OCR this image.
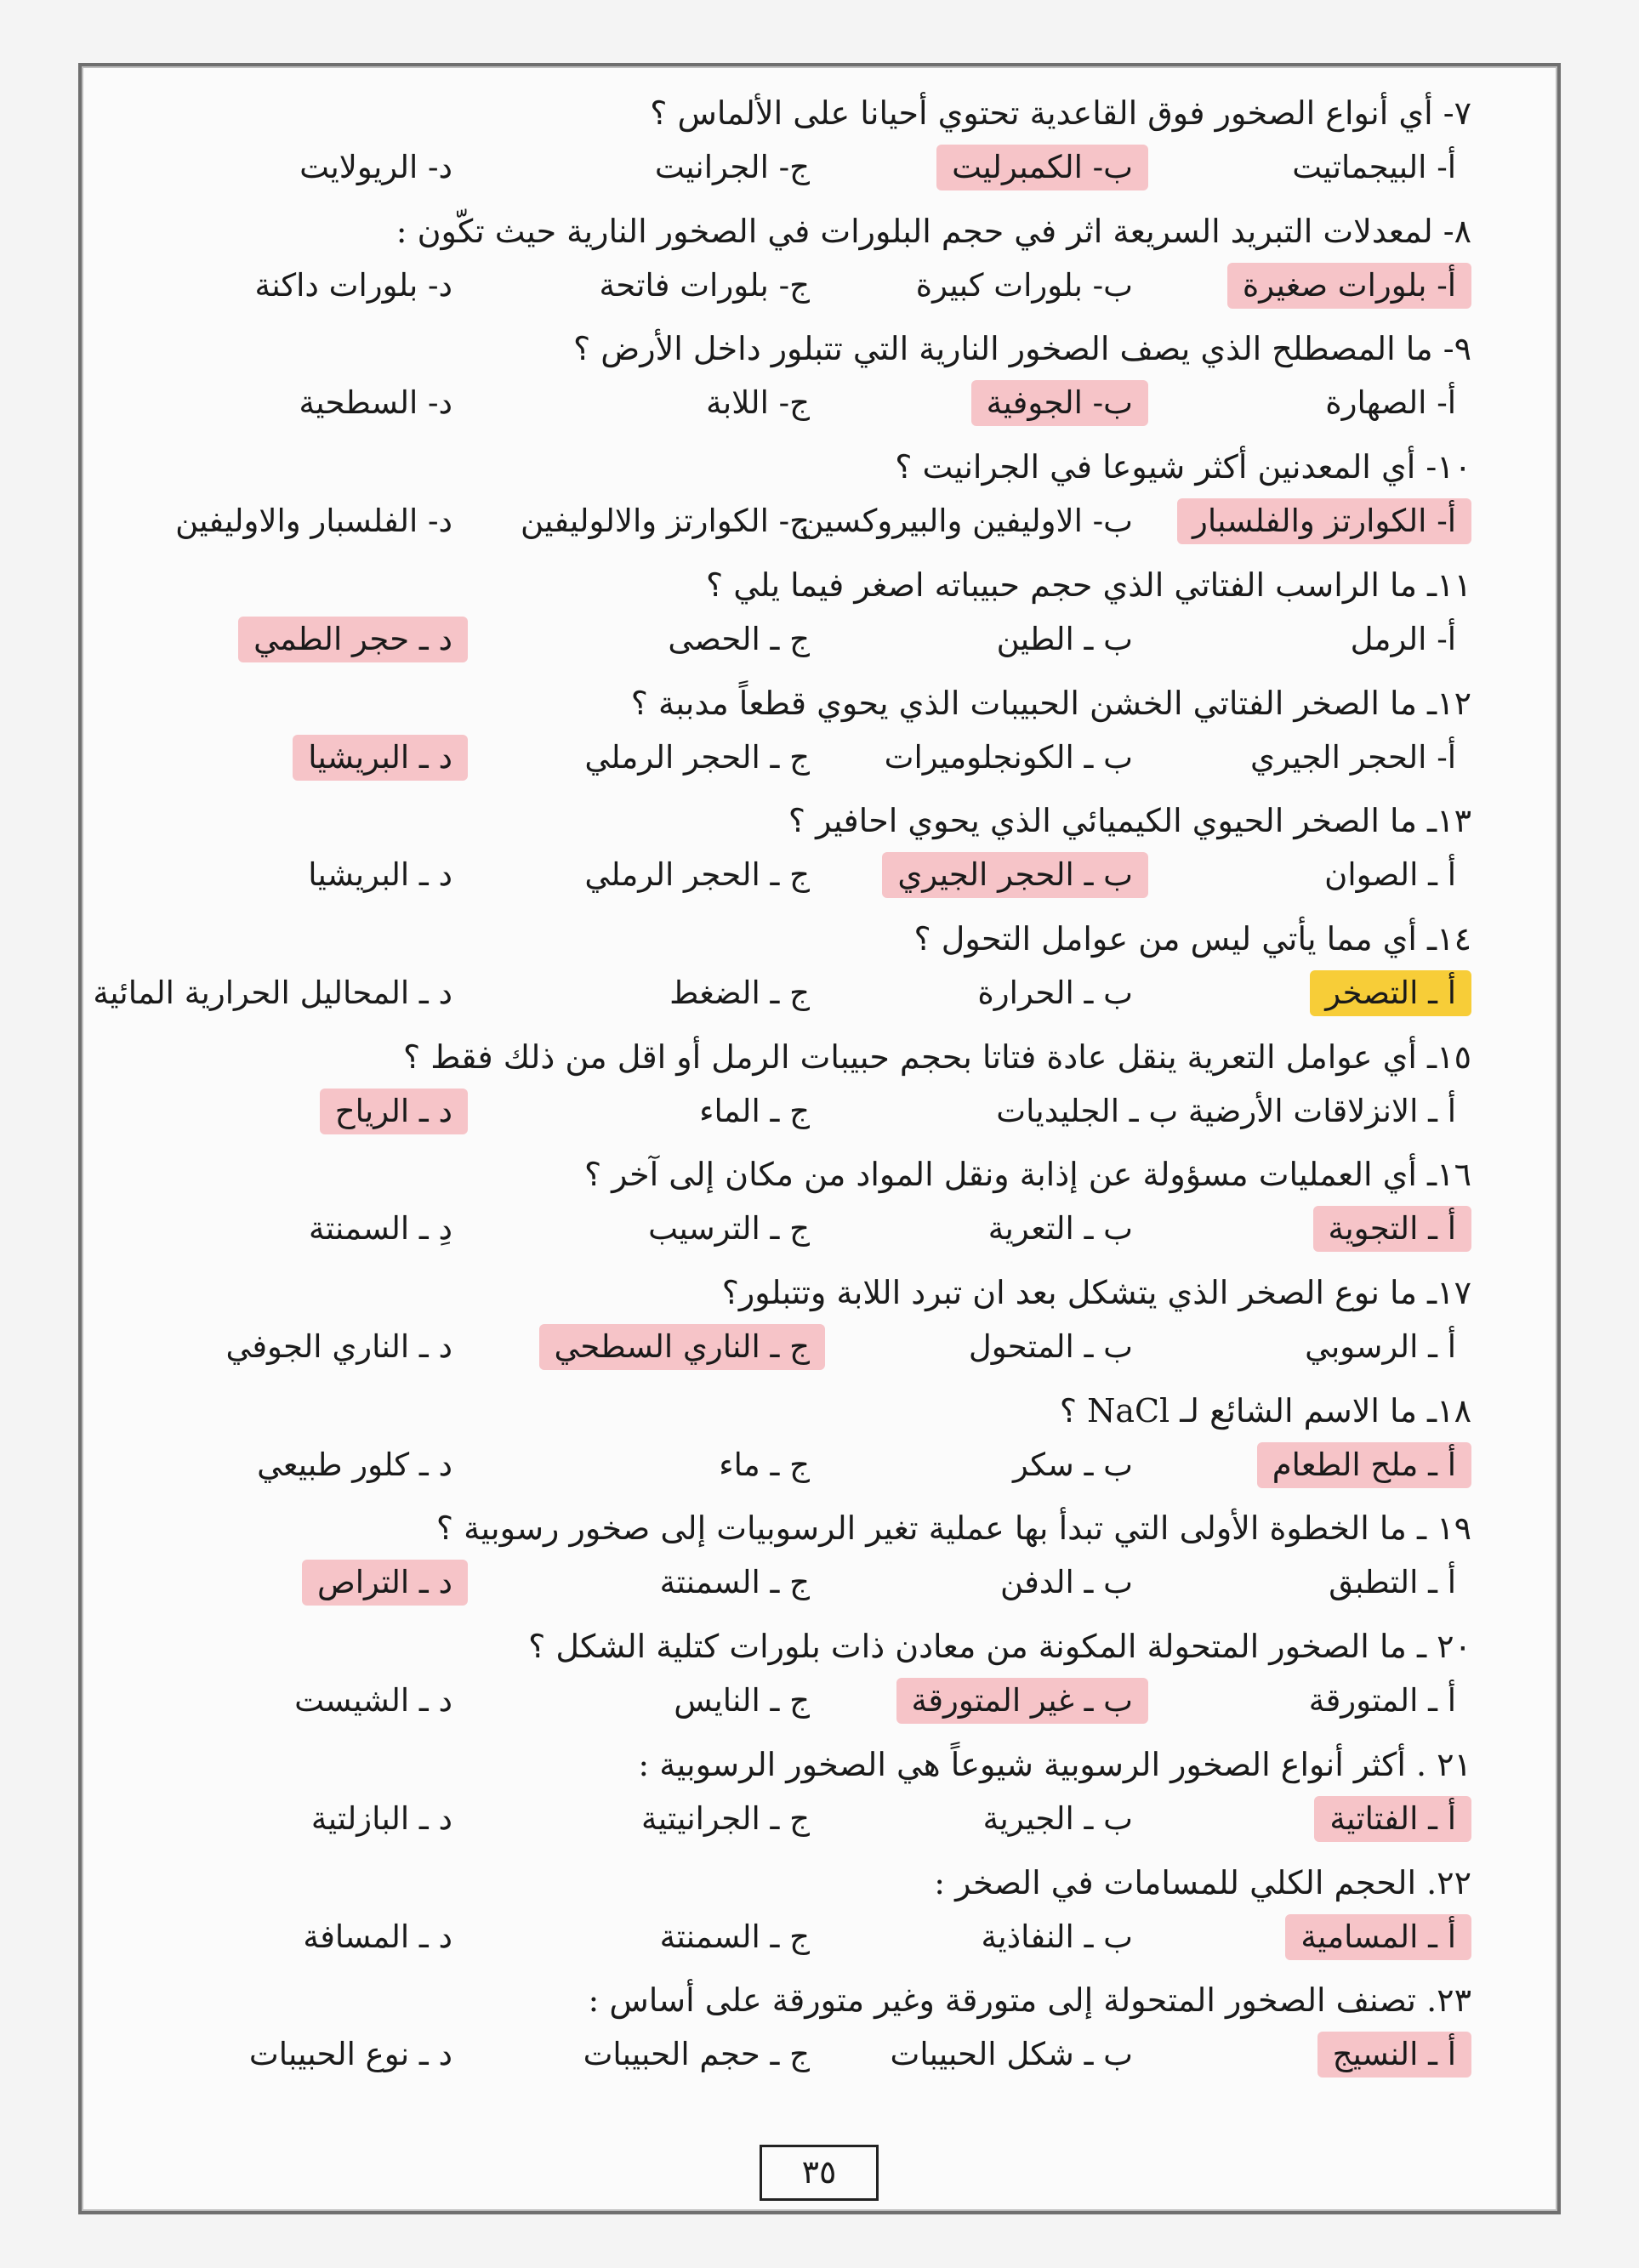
٧- أي أنواع الصخور فوق القاعدية تحتوي أحيانا على الألماس ؟
أ- البيجماتيت
ب- الكمبرليت
ج- الجرانيت
د- الريولايت
٨- لمعدلات التبريد السريعة اثر في حجم البلورات في الصخور النارية حيث تكّون :
أ- بلورات صغيرة
ب- بلورات كبيرة
ج- بلورات فاتحة
د- بلورات داكنة
٩- ما المصطلح الذي يصف الصخور النارية التي تتبلور داخل الأرض ؟
أ- الصهارة
ب- الجوفية
ج- اللابة
د- السطحية
١٠- أي المعدنين أكثر شيوعا في الجرانيت ؟
أ- الكوارتز والفلسبار
ب- الاوليفين والبيروكسين
ج- الكوارتز والالوليفين
د- الفلسبار والاوليفين
١١ـ ما الراسب الفتاتي الذي حجم حبيباته اصغر فيما يلي ؟
أ- الرمل
ب ـ الطين
ج ـ الحصى
د ـ حجر الطمي
١٢ـ ما الصخر الفتاتي الخشن الحبيبات الذي يحوي قطعاً مدببة ؟
أ- الحجر الجيري
ب ـ الكونجلوميرات
ج ـ الحجر الرملي
د ـ البريشيا
١٣ـ ما الصخر الحيوي الكيميائي الذي يحوي احافير ؟
أ ـ الصوان
ب ـ الحجر الجيري
ج ـ الحجر الرملي
د ـ البريشيا
١٤ـ أي مما يأتي ليس من عوامل التحول ؟
أ ـ التصخر
ب ـ الحرارة
ج ـ الضغط
د ـ المحاليل الحرارية المائية
١٥ـ أي عوامل التعرية ينقل عادة فتاتا بحجم حبيبات الرمل أو اقل من ذلك فقط ؟
أ ـ الانزلاقات الأرضية ب ـ الجليديات
ج ـ الماء
د ـ الرياح
١٦ـ أي العمليات مسؤولة عن إذابة ونقل المواد من مكان إلى آخر ؟
أ ـ التجوية
ب ـ التعرية
ج ـ الترسيب
دِ ـ السمنتة
١٧ـ ما نوع الصخر الذي يتشكل بعد ان تبرد اللابة وتتبلور؟
أ ـ الرسوبي
ب ـ المتحول
ج ـ الناري السطحي
د ـ الناري الجوفي
١٨ـ ما الاسم الشائع لـ NaCl ؟
أ ـ ملح الطعام
ب ـ سكر
ج ـ ماء
د ـ كلور طبيعي
١٩ ـ ما الخطوة الأولى التي تبدأ بها عملية تغير الرسوبيات إلى صخور رسوبية ؟
أ ـ التطبق
ب ـ الدفن
ج ـ السمنتة
د ـ التراص
٢٠ ـ ما الصخور المتحولة المكونة من معادن ذات بلورات كتلية الشكل ؟
أ ـ المتورقة
ب ـ غير المتورقة
ج ـ النايس
د ـ الشيست
٢١ . أكثر أنواع الصخور الرسوبية شيوعاً هي الصخور الرسوبية :
أ ـ الفتاتية
ب ـ الجيرية
ج ـ الجرانيتية
د ـ البازلتية
٢٢. الحجم الكلي للمسامات في الصخر :
أ ـ المسامية
ب ـ النفاذية
ج ـ السمنتة
د ـ المسافة
٢٣. تصنف الصخور المتحولة إلى متورقة وغير متورقة على أساس :
أ ـ النسيج
ب ـ شكل الحبيبات
ج ـ حجم الحبيبات
د ـ نوع الحبيبات
٣٥
